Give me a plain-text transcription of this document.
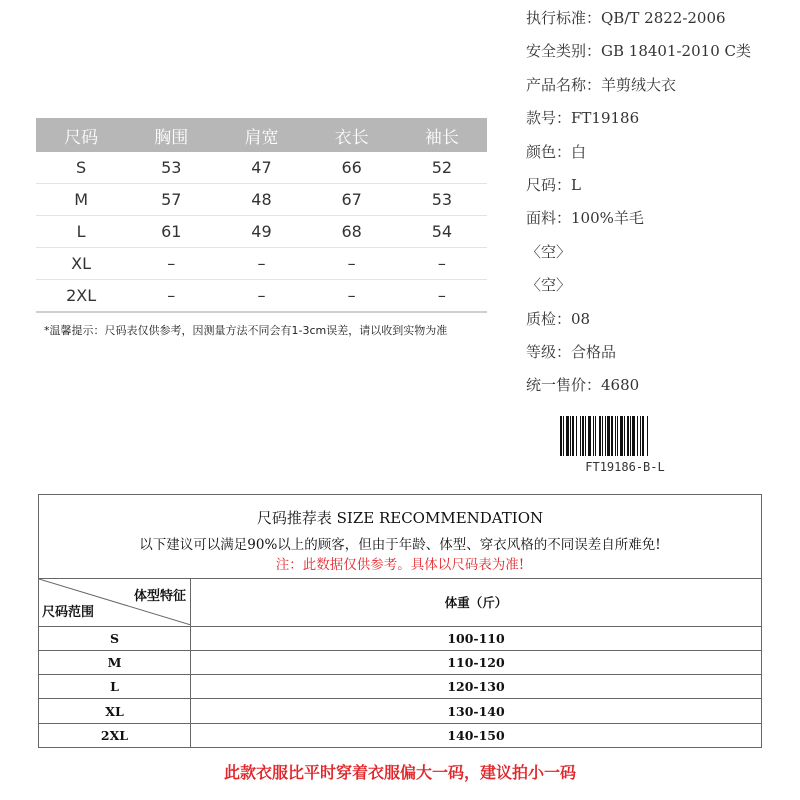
尺码	胸围	肩宽	衣长	袖长
S	53	47	66	52
M	57	48	67	53
L	61	49	68	54
XL	–	–	–	–
2XL	–	–	–	–
*温馨提示：尺码表仅供参考，因测量方法不同会有1-3cm误差，请以收到实物为准
执行标准：QB/T 2822-2006
安全类别：GB 18401-2010 C类
产品名称：羊剪绒大衣
款号：FT19186
颜色：白
尺码：L
面料：100%羊毛
〈空〉
〈空〉
质检：08
等级：合格品
统一售价：4680
FT19186-B-L
尺码推荐表 SIZE RECOMMENDATION
以下建议可以满足90%以上的顾客，但由于年龄、体型、穿衣风格的不同误差自所难免!
注：此数据仅供参考。具体以尺码表为准!
体型特征
尺码范围	体重（斤）
S	100-110
M	110-120
L	120-130
XL	130-140
2XL	140-150
此款衣服比平时穿着衣服偏大一码，建议拍小一码
